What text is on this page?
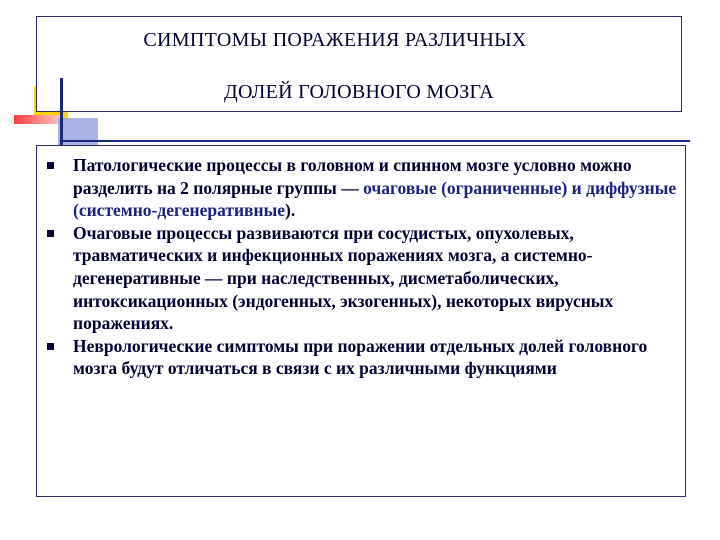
СИМПТОМЫ ПОРАЖЕНИЯ РАЗЛИЧНЫХ
ДОЛЕЙ ГОЛОВНОГО МОЗГА
Патологические процессы в головном и спинном мозге условно можно разделить на 2 полярные группы — очаговые (ограниченные) и диффузные (системно-дегенеративные).
Очаговые процессы развиваются при сосудистых, опухолевых, травматических и инфекционных поражениях мозга, а системно-дегенеративные — при наследственных, дисметаболических, интоксикационных (эндогенных, экзогенных), некоторых вирусных поражениях.
Неврологические симптомы при поражении отдельных долей головного мозга будут отличаться в связи с их различными функциями
